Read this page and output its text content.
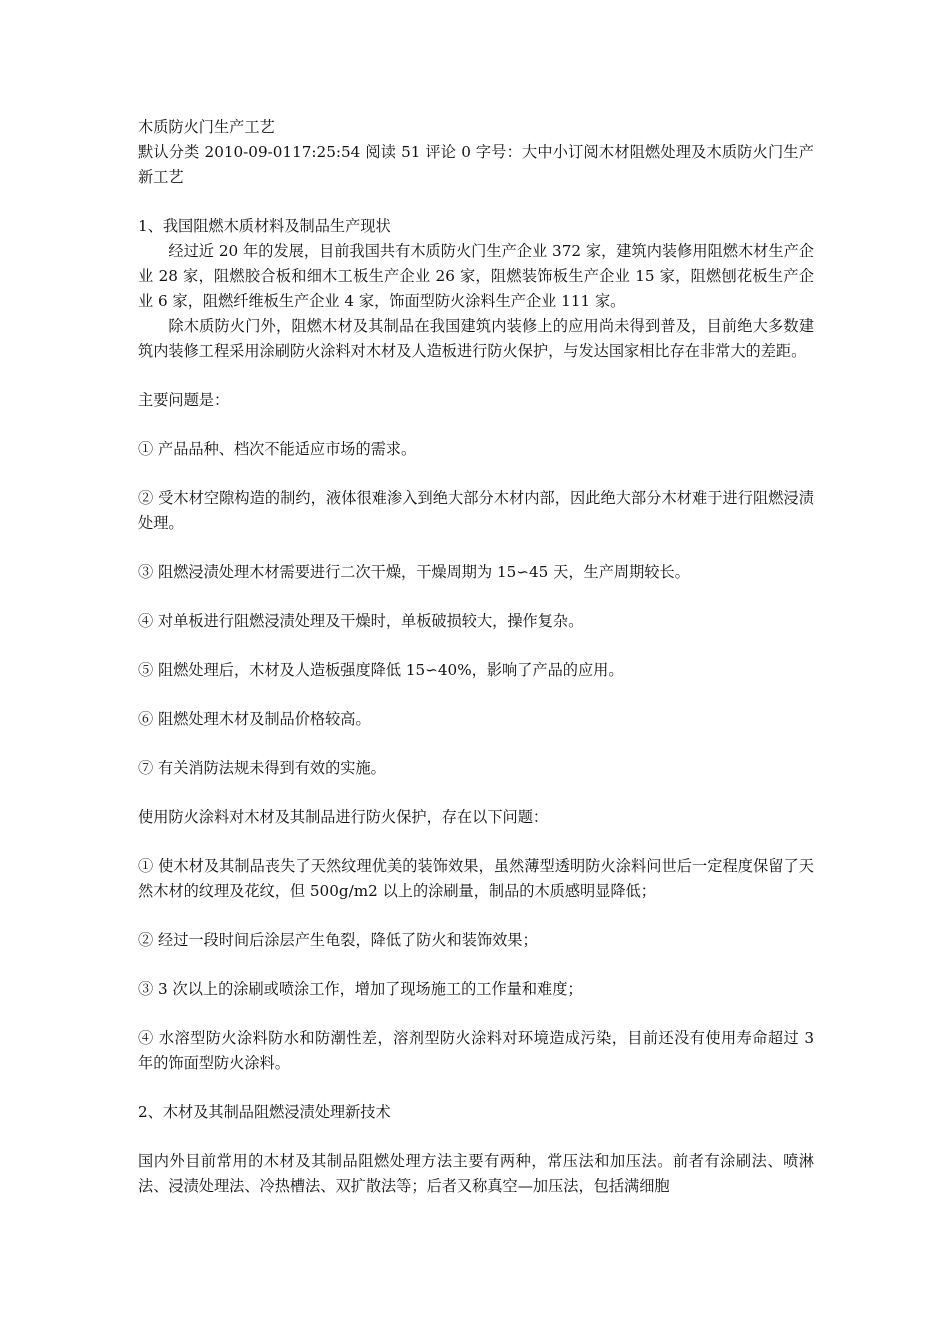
木质防火门生产工艺

默认分类 2010-09-0117:25:54 阅读 51 评论 0 字号：大中小订阅木材阻燃处理及木质防火门生产新工艺

1、我国阻燃木质材料及制品生产现状

经过近 20 年的发展，目前我国共有木质防火门生产企业 372 家，建筑内装修用阻燃木材生产企业 28 家，阻燃胶合板和细木工板生产企业 26 家，阻燃装饰板生产企业 15 家，阻燃刨花板生产企业 6 家，阻燃纤维板生产企业 4 家，饰面型防火涂料生产企业 111 家。

除木质防火门外，阻燃木材及其制品在我国建筑内装修上的应用尚未得到普及，目前绝大多数建筑内装修工程采用涂刷防火涂料对木材及人造板进行防火保护，与发达国家相比存在非常大的差距。

主要问题是：

① 产品品种、档次不能适应市场的需求。

② 受木材空隙构造的制约，液体很难渗入到绝大部分木材内部，因此绝大部分木材难于进行阻燃浸渍处理。

③ 阻燃浸渍处理木材需要进行二次干燥，干燥周期为 15∽45 天，生产周期较长。

④ 对单板进行阻燃浸渍处理及干燥时，单板破损较大，操作复杂。

⑤ 阻燃处理后，木材及人造板强度降低 15∽40%，影响了产品的应用。

⑥ 阻燃处理木材及制品价格较高。

⑦ 有关消防法规未得到有效的实施。

使用防火涂料对木材及其制品进行防火保护，存在以下问题：

① 使木材及其制品丧失了天然纹理优美的装饰效果，虽然薄型透明防火涂料问世后一定程度保留了天然木材的纹理及花纹，但 500g/m2 以上的涂刷量，制品的木质感明显降低；

② 经过一段时间后涂层产生龟裂，降低了防火和装饰效果；

③ 3 次以上的涂刷或喷涂工作，增加了现场施工的工作量和难度；

④ 水溶型防火涂料防水和防潮性差，溶剂型防火涂料对环境造成污染，目前还没有使用寿命超过 3 年的饰面型防火涂料。

2、木材及其制品阻燃浸渍处理新技术

国内外目前常用的木材及其制品阻燃处理方法主要有两种，常压法和加压法。前者有涂刷法、喷淋法、浸渍处理法、冷热槽法、双扩散法等；后者又称真空—加压法，包括满细胞
